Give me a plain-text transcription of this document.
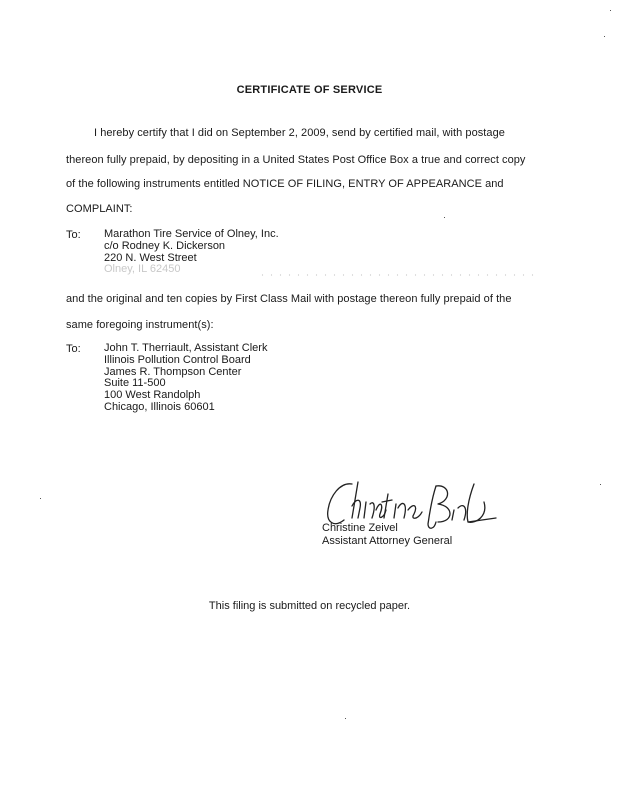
CERTIFICATE OF SERVICE
I hereby certify that I did on September 2, 2009, send by certified mail, with postage
thereon fully prepaid, by depositing in a United States Post Office Box a true and correct copy
of the following instruments entitled NOTICE OF FILING, ENTRY OF APPEARANCE and
COMPLAINT:
To: Marathon Tire Service of Olney, Inc.
c/o Rodney K. Dickerson
220 N. West Street
Olney, IL 62450
and the original and ten copies by First Class Mail with postage thereon fully prepaid of the
same foregoing instrument(s):
To: John T. Therriault, Assistant Clerk
Illinois Pollution Control Board
James R. Thompson Center
Suite 11-500
100 West Randolph
Chicago, Illinois 60601
Christine Zeivel
Assistant Attorney General
This filing is submitted on recycled paper.
